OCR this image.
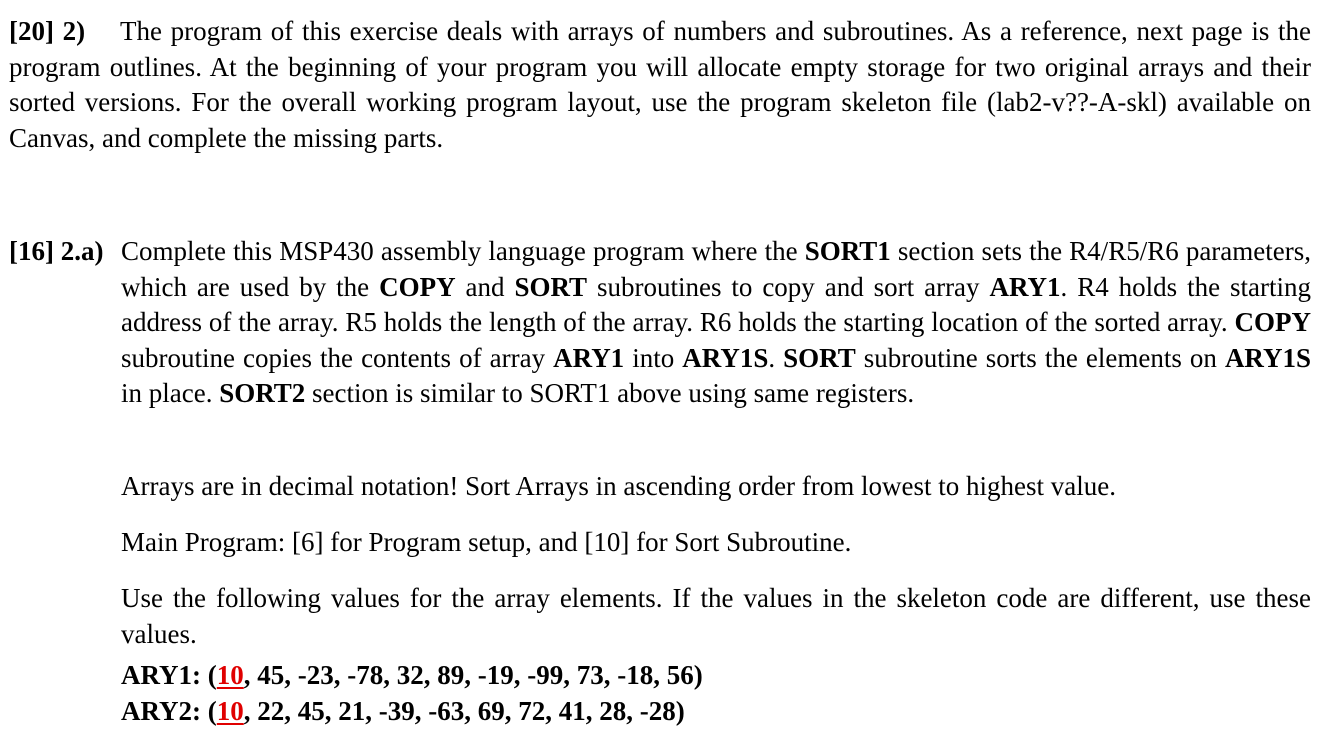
[20] 2) The program of this exercise deals with arrays of numbers and subroutines. As a reference, next page is the program outlines. At the beginning of your program you will allocate empty storage for two original arrays and their sorted versions. For the overall working program layout, use the program skeleton file (lab2-v??-A-skl) available on Canvas, and complete the missing parts.
[16] 2.a) Complete this MSP430 assembly language program where the SORT1 section sets the R4/R5/R6 parameters, which are used by the COPY and SORT subroutines to copy and sort array ARY1. R4 holds the starting address of the array. R5 holds the length of the array. R6 holds the starting location of the sorted array. COPY subroutine copies the contents of array ARY1 into ARY1S. SORT subroutine sorts the elements on ARY1S in place. SORT2 section is similar to SORT1 above using same registers.
Arrays are in decimal notation! Sort Arrays in ascending order from lowest to highest value.
Main Program: [6] for Program setup, and [10] for Sort Subroutine.
Use the following values for the array elements. If the values in the skeleton code are different, use these values.
ARY1: (10, 45, -23, -78, 32, 89, -19, -99, 73, -18, 56)
ARY2: (10, 22, 45, 21, -39, -63, 69, 72, 41, 28, -28)
